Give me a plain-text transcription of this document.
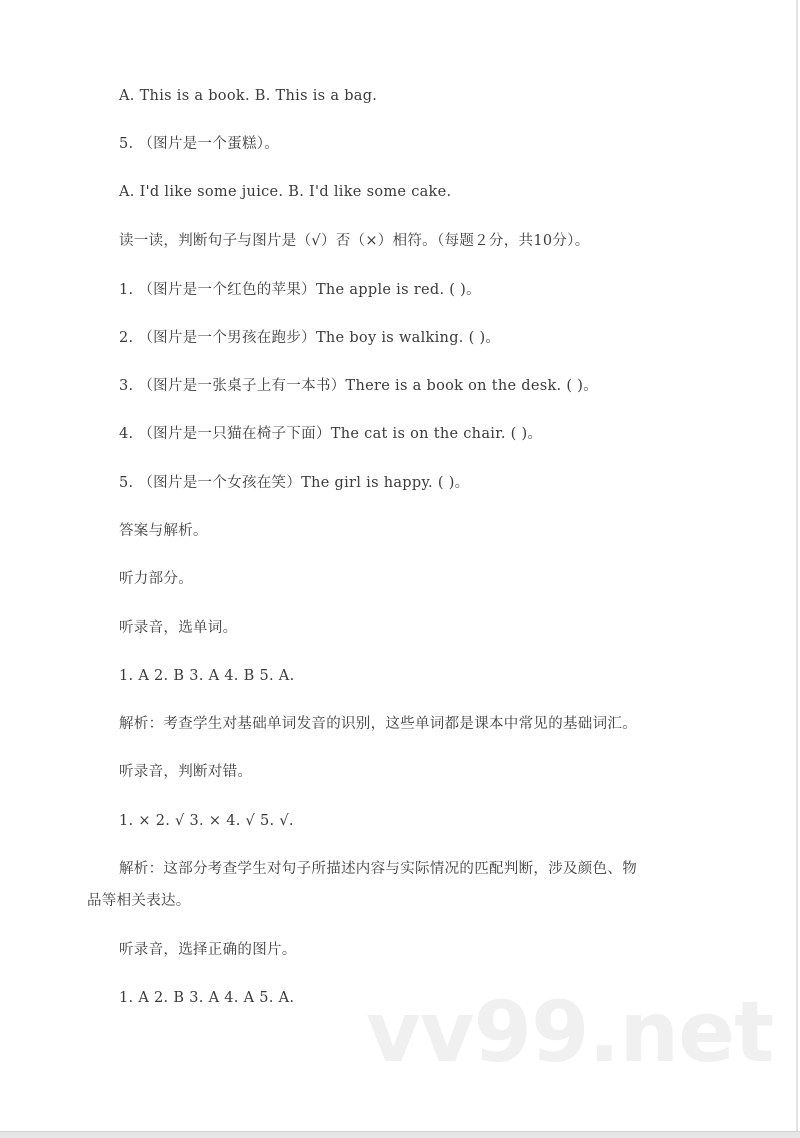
A. This is a book. B. This is a bag.
5. （图片是一个蛋糕）。
A. I'd like some juice. B. I'd like some cake.
读一读，判断句子与图片是（√）否（×）相符。（每题２分，共10分）。
1. （图片是一个红色的苹果）The apple is red. ( )。
2. （图片是一个男孩在跑步）The boy is walking. ( )。
3. （图片是一张桌子上有一本书）There is a book on the desk. ( )。
4. （图片是一只猫在椅子下面）The cat is on the chair. ( )。
5. （图片是一个女孩在笑）The girl is happy. ( )。
答案与解析。
听力部分。
听录音，选单词。
1. A 2. B 3. A 4. B 5. A.
解析：考查学生对基础单词发音的识别，这些单词都是课本中常见的基础词汇。
听录音，判断对错。
1. × 2. √ 3. × 4. √ 5. √.
解析：这部分考查学生对句子所描述内容与实际情况的匹配判断，涉及颜色、物
品等相关表达。
听录音，选择正确的图片。
1. A 2. B 3. A 4. A 5. A. vv99.net
